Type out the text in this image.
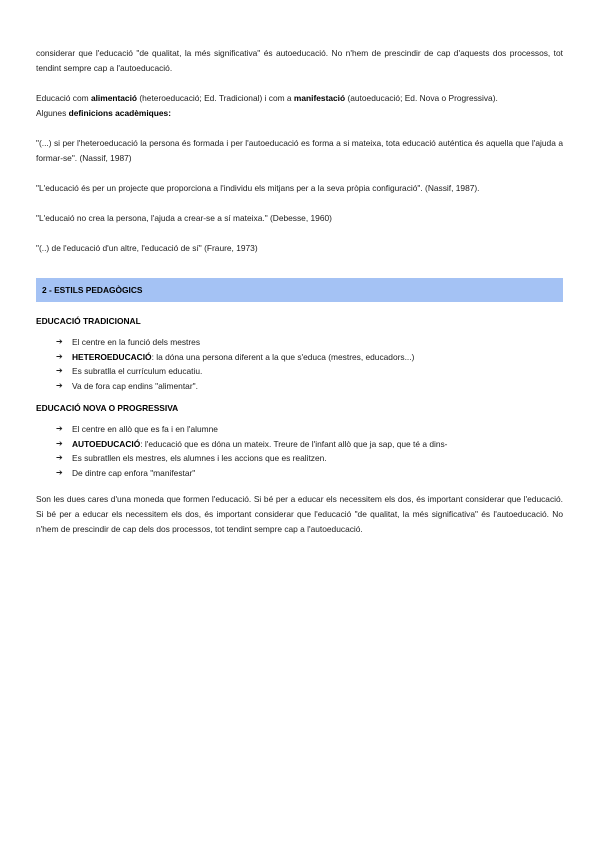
considerar que l'educació "de qualitat, la més significativa" és autoeducació. No n'hem de prescindir de cap d'aquests dos processos, tot tendint sempre cap a l'autoeducació.

Educació com alimentació (heteroeducació; Ed. Tradicional) i com a manifestació (autoeducació; Ed. Nova o Progressiva).

Algunes definicions acadèmiques:

"(...) si per l'heteroeducació la persona és formada i per l'autoeducació es forma a si mateixa, tota educació auténtica és aquella que l'ajuda a formar-se". (Nassif, 1987)

"L'educació és per un projecte que proporciona a l'individu els mitjans per a la seva pròpia configuració". (Nassif, 1987).

"L'educaió no crea la persona, l'ajuda a crear-se a sí mateixa." (Debesse, 1960)

"(..) de l'educació d'un altre, l'educació de sí" (Fraure, 1973)

2 - ESTILS PEDAGÒGICS

EDUCACIÓ TRADICIONAL

➔	El centre en la funció dels mestres
➔	HETEROEDUCACIÓ: la dóna una persona diferent a la que s'educa (mestres, educadors...)
➔	Es subratlla el currículum educatiu.
➔	Va de fora cap endins "alimentar".

EDUCACIÓ NOVA O PROGRESSIVA

➔	El centre en allò que es fa i en l'alumne
➔	AUTOEDUCACIÓ: l'educació que es dóna un mateix. Treure de l'infant allò que ja sap, que té a dins-
➔	Es subratllen els mestres, els alumnes i les accions que es realitzen.
➔	De dintre cap enfora "manifestar"

Son les dues cares d'una moneda que formen l'educació. Si bé per a educar els necessitem els dos, és important considerar que l'educació. Si bé per a educar els necessitem els dos, és important considerar que l'educació "de qualitat, la més significativa" és l'autoeducació. No n'hem de prescindir de cap dels dos processos, tot tendint sempre cap a l'autoeducació.
